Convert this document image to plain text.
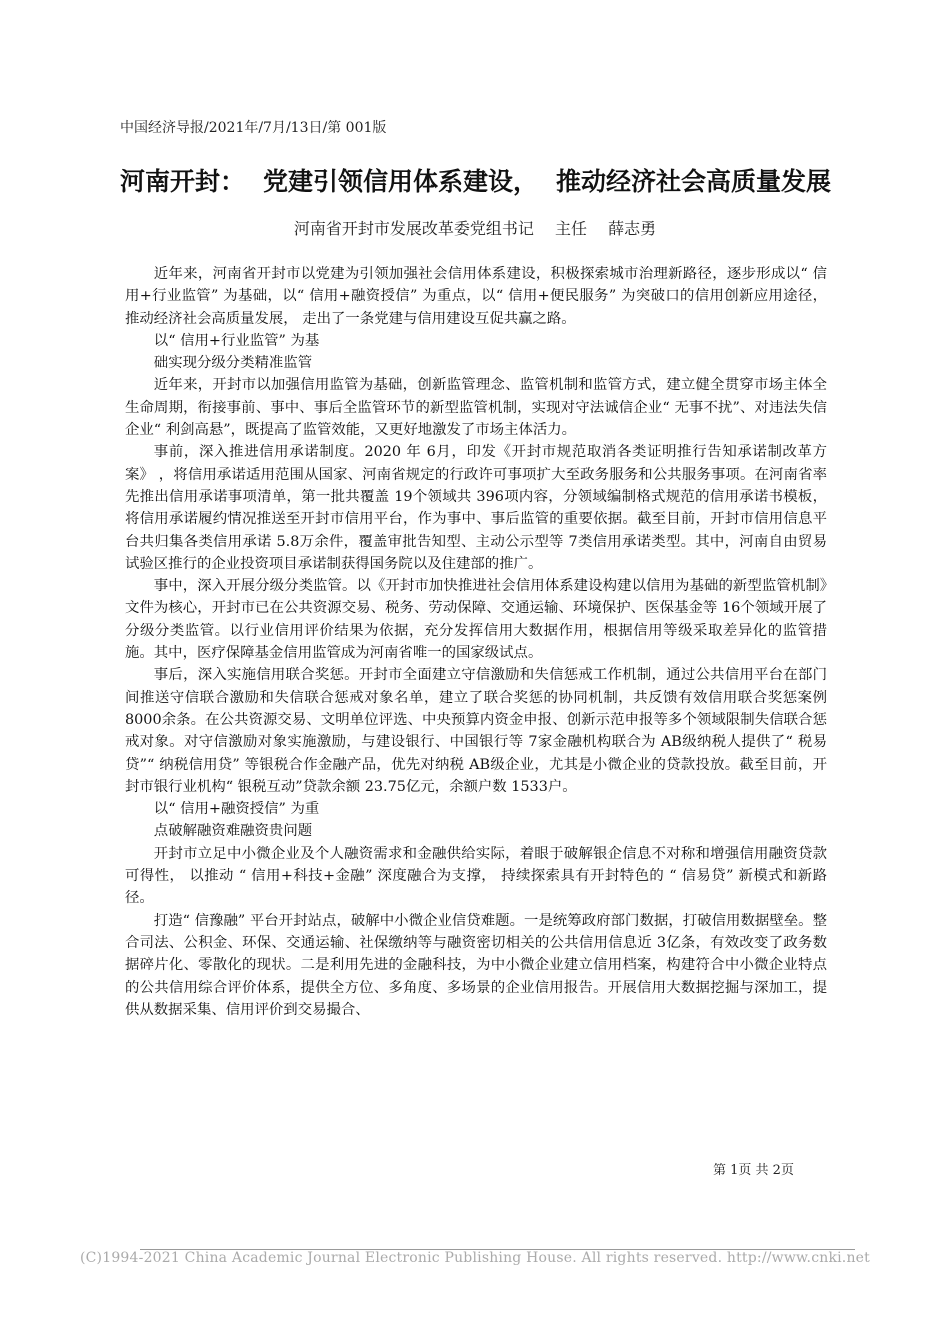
中国经济导报/2021年/7月/13日/第 001版
河南开封： 党建引领信用体系建设， 推动经济社会高质量发展
河南省开封市发展改革委党组书记 主任 薛志勇

近年来，河南省开封市以党建为引领加强社会信用体系建设，积极探索城市治理新路径，逐步形成以“ 信用+行业监管” 为基础，以“ 信用+融资授信” 为重点，以“ 信用+便民服务” 为突破口的信用创新应用途径， 推动经济社会高质量发展， 走出了一条党建与信用建设互促共赢之路。

以“ 信用+行业监管” 为基

础实现分级分类精准监管

近年来，开封市以加强信用监管为基础，创新监管理念、监管机制和监管方式，建立健全贯穿市场主体全生命周期，衔接事前、事中、事后全监管环节的新型监管机制，实现对守法诚信企业“ 无事不扰”、对违法失信企业“ 利剑高悬”，既提高了监管效能，又更好地激发了市场主体活力。

事前，深入推进信用承诺制度。2020 年 6月，印发《开封市规范取消各类证明推行告知承诺制改革方案》 ，将信用承诺适用范围从国家、河南省规定的行政许可事项扩大至政务服务和公共服务事项。在河南省率先推出信用承诺事项清单，第一批共覆盖 19个领域共 396项内容，分领域编制格式规范的信用承诺书模板，将信用承诺履约情况推送至开封市信用平台，作为事中、事后监管的重要依据。截至目前，开封市信用信息平台共归集各类信用承诺 5.8万余件，覆盖审批告知型、主动公示型等 7类信用承诺类型。其中，河南自由贸易试验区推行的企业投资项目承诺制获得国务院以及住建部的推广。

事中，深入开展分级分类监管。以《开封市加快推进社会信用体系建设构建以信用为基础的新型监管机制》文件为核心，开封市已在公共资源交易、税务、劳动保障、交通运输、环境保护、医保基金等 16个领域开展了分级分类监管。以行业信用评价结果为依据，充分发挥信用大数据作用，根据信用等级采取差异化的监管措施。其中，医疗保障基金信用监管成为河南省唯一的国家级试点。

事后，深入实施信用联合奖惩。开封市全面建立守信激励和失信惩戒工作机制，通过公共信用平台在部门间推送守信联合激励和失信联合惩戒对象名单，建立了联合奖惩的协同机制，共反馈有效信用联合奖惩案例 8000余条。在公共资源交易、文明单位评选、中央预算内资金申报、创新示范申报等多个领域限制失信联合惩戒对象。对守信激励对象实施激励，与建设银行、中国银行等 7家金融机构联合为 AB级纳税人提供了“ 税易贷”“ 纳税信用贷” 等银税合作金融产品，优先对纳税 AB级企业，尤其是小微企业的贷款投放。截至目前，开封市银行业机构“ 银税互动”贷款余额 23.75亿元，余额户数 1533户。

以“ 信用+融资授信” 为重

点破解融资难融资贵问题

开封市立足中小微企业及个人融资需求和金融供给实际，着眼于破解银企信息不对称和增强信用融资贷款可得性， 以推动 “ 信用+科技+金融” 深度融合为支撑， 持续探索具有开封特色的 “ 信易贷” 新模式和新路径。

打造“ 信豫融” 平台开封站点，破解中小微企业信贷难题。一是统筹政府部门数据，打破信用数据壁垒。整合司法、公积金、环保、交通运输、社保缴纳等与融资密切相关的公共信用信息近 3亿条，有效改变了政务数据碎片化、零散化的现状。二是利用先进的金融科技，为中小微企业建立信用档案，构建符合中小微企业特点的公共信用综合评价体系，提供全方位、多角度、多场景的企业信用报告。开展信用大数据挖掘与深加工，提供从数据采集、信用评价到交易撮合、

第 1页 共 2页
(C)1994-2021 China Academic Journal Electronic Publishing House. All rights reserved. http://www.cnki.net
